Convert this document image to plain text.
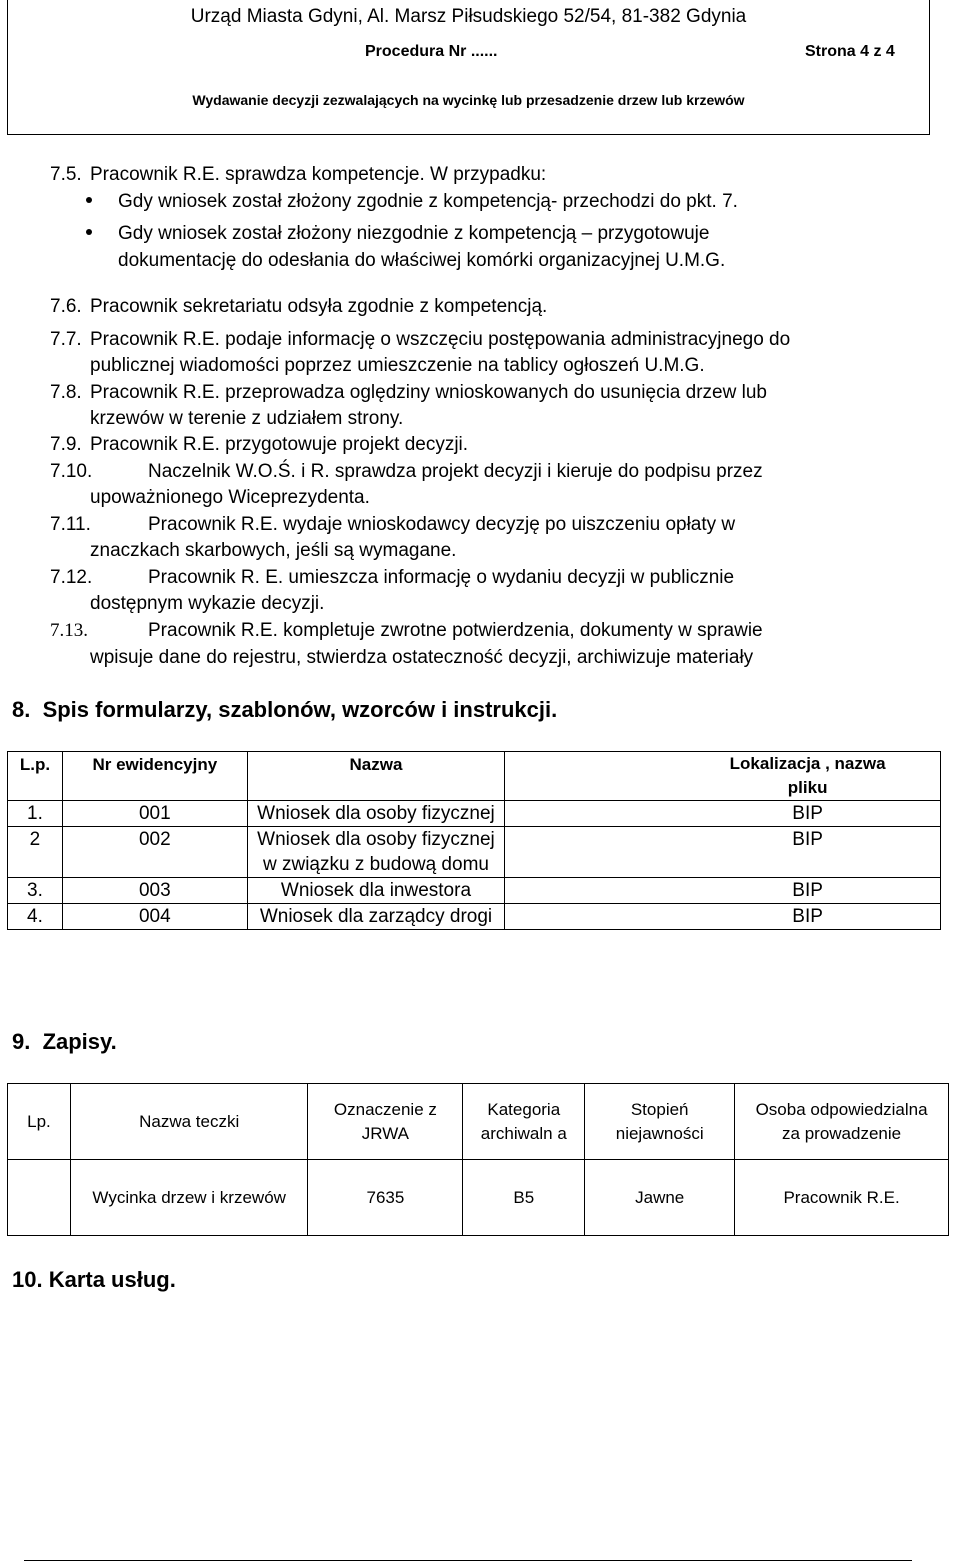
Urząd Miasta Gdyni, Al. Marsz Piłsudskiego 52/54, 81-382 Gdynia
Procedura Nr ......	Strona 4 z 4
Wydawanie decyzji zezwalających na wycinkę lub przesadzenie drzew lub krzewów
7.5. Pracownik R.E. sprawdza kompetencje. W przypadku:
Gdy wniosek został złożony zgodnie z kompetencją- przechodzi do pkt. 7.
Gdy wniosek został złożony niezgodnie z kompetencją – przygotowuje
dokumentację do odesłania do właściwej komórki organizacyjnej U.M.G.
7.6. Pracownik sekretariatu odsyła zgodnie z kompetencją.
7.7. Pracownik R.E. podaje informację o wszczęciu postępowania administracyjnego do
publicznej wiadomości poprzez umieszczenie na tablicy ogłoszeń U.M.G.
7.8. Pracownik R.E. przeprowadza oględziny wnioskowanych do usunięcia drzew lub
krzewów w terenie z udziałem strony.
7.9. Pracownik R.E. przygotowuje projekt decyzji.
7.10.	Naczelnik W.O.Ś. i R. sprawdza projekt decyzji i kieruje do podpisu przez
upoważnionego Wiceprezydenta.
7.11.	Pracownik R.E. wydaje wnioskodawcy decyzję po uiszczeniu opłaty w
znaczkach skarbowych, jeśli są wymagane.
7.12.	Pracownik R. E. umieszcza informację o wydaniu decyzji w publicznie
dostępnym wykazie decyzji.
7.13.	Pracownik R.E. kompletuje zwrotne potwierdzenia, dokumenty w sprawie
wpisuje dane do rejestru, stwierdza ostateczność decyzji, archiwizuje materiały
8.  Spis formularzy, szablonów, wzorców i instrukcji.
L.p.	Nr ewidencyjny	Nazwa	Lokalizacja , nazwa pliku
1.	001	Wniosek dla osoby fizycznej	BIP
2	002	Wniosek dla osoby fizycznej w związku z budową domu	BIP
3.	003	Wniosek dla inwestora	BIP
4.	004	Wniosek dla zarządcy drogi	BIP
9.  Zapisy.
Lp.	Nazwa teczki	Oznaczenie z JRWA	Kategoria archiwaln a	Stopień niejawności	Osoba odpowiedzialna za prowadzenie
	Wycinka drzew i krzewów	7635	B5	Jawne	Pracownik R.E.
10. Karta usług.
